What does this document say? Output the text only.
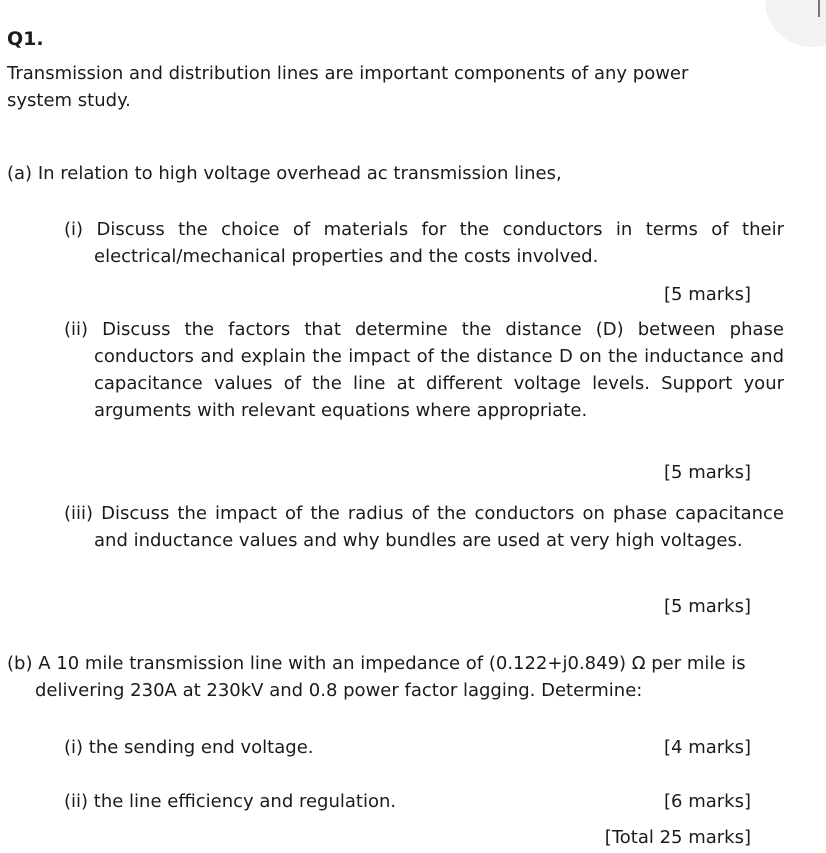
Q1.

Transmission and distribution lines are important components of any power system study.

(a) In relation to high voltage overhead ac transmission lines,

(i) Discuss the choice of materials for the conductors in terms of their electrical/mechanical properties and the costs involved.

[5 marks]

(ii) Discuss the factors that determine the distance (D) between phase conductors and explain the impact of the distance D on the inductance and capacitance values of the line at different voltage levels. Support your arguments with relevant equations where appropriate.

[5 marks]

(iii) Discuss the impact of the radius of the conductors on phase capacitance and inductance values and why bundles are used at very high voltages.

[5 marks]

(b) A 10 mile transmission line with an impedance of (0.122+j0.849) Ω per mile is delivering 230A at 230kV and 0.8 power factor lagging. Determine:

(i) the sending end voltage.	[4 marks]

(ii) the line efficiency and regulation.	[6 marks]
[Total 25 marks]
